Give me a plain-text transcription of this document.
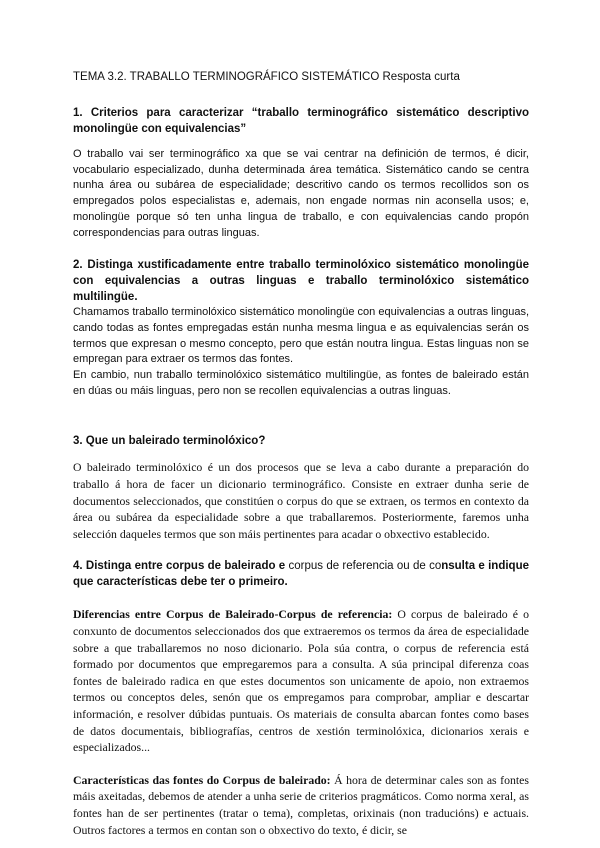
TEMA 3.2. TRABALLO TERMINOGRÁFICO SISTEMÁTICO Resposta curta

1. Criterios para caracterizar “traballo terminográfico sistemático descriptivo monolingüe con equivalencias”

O traballo vai ser terminográfico xa que se vai centrar na definición de termos, é dicir, vocabulario especializado, dunha determinada área temática. Sistemático cando se centra nunha área ou subárea de especialidade; descritivo cando os termos recollidos son os empregados polos especialistas e, ademais, non engade normas nin aconsella usos; e, monolingüe porque só ten unha lingua de traballo, e con equivalencias cando propón correspondencias para outras linguas.

2. Distinga xustificadamente entre traballo terminolóxico sistemático monolingüe con equivalencias a outras linguas e traballo terminolóxico sistemático multilingüe.

Chamamos traballo terminolóxico sistemático monolingüe con equivalencias a outras linguas, cando todas as fontes empregadas están nunha mesma lingua e as equivalencias serán os termos que expresan o mesmo concepto, pero que están noutra lingua. Estas linguas non se empregan para extraer os termos das fontes.

En cambio, nun traballo terminolóxico sistemático multilingüe, as fontes de baleirado están en dúas ou máis linguas, pero non se recollen equivalencias a outras linguas.

3. Que un baleirado terminolóxico?

O baleirado terminolóxico é un dos procesos que se leva a cabo durante a preparación do traballo á hora de facer un dicionario terminográfico. Consiste en extraer dunha serie de documentos seleccionados, que constitúen o corpus do que se extraen, os termos en contexto da área ou subárea da especialidade sobre a que traballaremos. Posteriormente, faremos unha selección daqueles termos que son máis pertinentes para acadar o obxectivo establecido.

4. Distinga entre corpus de baleirado e corpus de referencia ou de consulta e indique que características debe ter o primeiro.

Diferencias entre Corpus de Baleirado-Corpus de referencia: O corpus de baleirado é o conxunto de documentos seleccionados dos que extraeremos os termos da área de especialidade sobre a que traballaremos no noso dicionario. Pola súa contra, o corpus de referencia está formado por documentos que empregaremos para a consulta. A súa principal diferenza coas fontes de baleirado radica en que estes documentos son unicamente de apoio, non extraemos termos ou conceptos deles, senón que os empregamos para comprobar, ampliar e descartar información, e resolver dúbidas puntuais. Os materiais de consulta abarcan fontes como bases de datos documentais, bibliografías, centros de xestión terminolóxica, dicionarios xerais e especializados...

Características das fontes do Corpus de baleirado: Á hora de determinar cales son as fontes máis axeitadas, debemos de atender a unha serie de criterios pragmáticos. Como norma xeral, as fontes han de ser pertinentes (tratar o tema), completas, orixinais (non traducións) e actuais. Outros factores a termos en contan son o obxectivo do texto, é dicir, se
